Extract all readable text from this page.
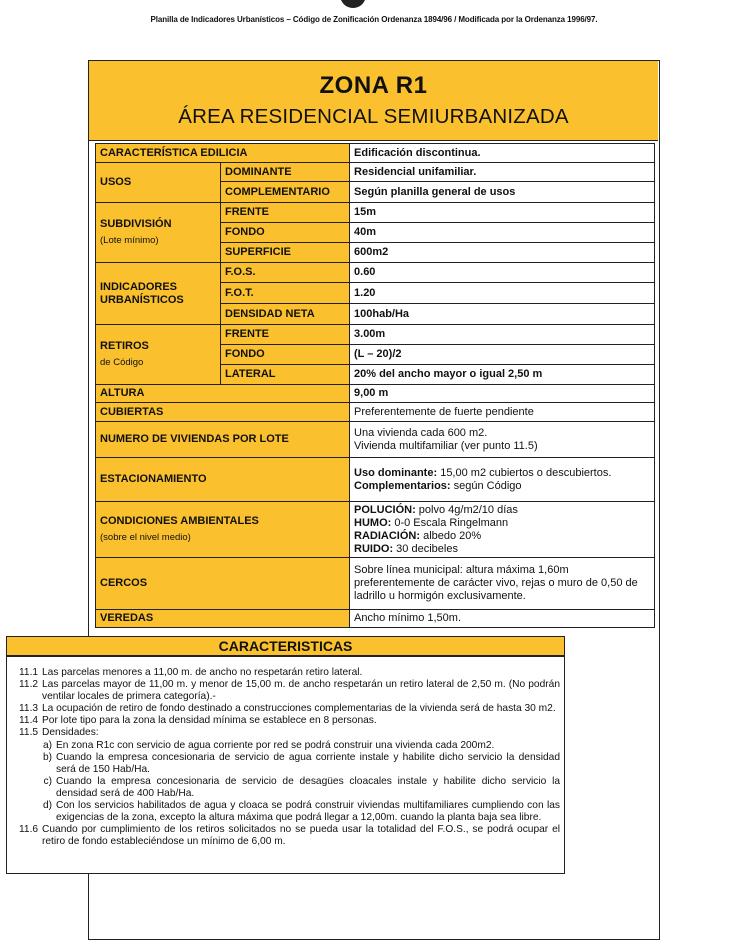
Planilla de Indicadores Urbanísticos – Código de Zonificación Ordenanza 1894/96 / Modificada por la Ordenanza 1996/97.
ZONA R1
ÁREA RESIDENCIAL SEMIURBANIZADA
CARACTERÍSTICA EDILICIA		Edificación discontinua.
USOS	DOMINANTE	Residencial unifamiliar.
	COMPLEMENTARIO	Según planilla general de usos
SUBDIVISIÓN
(Lote mínimo)	FRENTE	15m
	FONDO	40m
	SUPERFICIE	600m2
INDICADORES
URBANÍSTICOS	F.O.S.	0.60
	F.O.T.	1.20
	DENSIDAD NETA	100hab/Ha
RETIROS
de Código	FRENTE	3.00m
	FONDO	(L – 20)/2
	LATERAL	20% del ancho mayor o igual 2,50 m
ALTURA		9,00 m
CUBIERTAS		Preferentemente de fuerte pendiente
NUMERO DE VIVIENDAS POR LOTE		Una vivienda cada 600 m2.
Vivienda multifamiliar (ver punto 11.5)
ESTACIONAMIENTO		Uso dominante: 15,00 m2 cubiertos o descubiertos.
Complementarios: según Código
CONDICIONES AMBIENTALES
(sobre el nivel medio)		POLUCIÓN: polvo 4g/m2/10 días
HUMO: 0-0 Escala Ringelmann
RADIACIÓN: albedo 20%
RUIDO: 30 decibeles
CERCOS		Sobre línea municipal: altura máxima 1,60m preferentemente de carácter vivo, rejas o muro de 0,50 de ladrillo u hormigón exclusivamente.
VEREDAS		Ancho mínimo 1,50m.
CARACTERISTICAS
11.1 Las parcelas menores a 11,00 m. de ancho no respetarán retiro lateral.
11.2 Las parcelas mayor de 11,00 m. y menor de 15,00 m. de ancho respetarán un retiro lateral de 2,50 m. (No podrán ventilar locales de primera categoría).-
11.3 La ocupación de retiro de fondo destinado a construcciones complementarias de la vivienda será de hasta 30 m2.
11.4 Por lote tipo para la zona la densidad mínima se establece en 8 personas.
11.5 Densidades:
a) En zona R1c con servicio de agua corriente por red se podrá construir una vivienda cada 200m2.
b) Cuando la empresa concesionaria de servicio de agua corriente instale y habilite dicho servicio la densidad será de 150 Hab/Ha.
c) Cuando la empresa concesionaria de servicio de desagües cloacales instale y habilite dicho servicio la densidad será de 400 Hab/Ha.
d) Con los servicios habilitados de agua y cloaca se podrá construir viviendas multifamiliares cumpliendo con las exigencias de la zona, excepto la altura máxima que podrá llegar a 12,00m. cuando la planta baja sea libre.
11.6 Cuando por cumplimiento de los retiros solicitados no se pueda usar la totalidad del F.O.S., se podrá ocupar el retiro de fondo estableciéndose un mínimo de 6,00 m.
